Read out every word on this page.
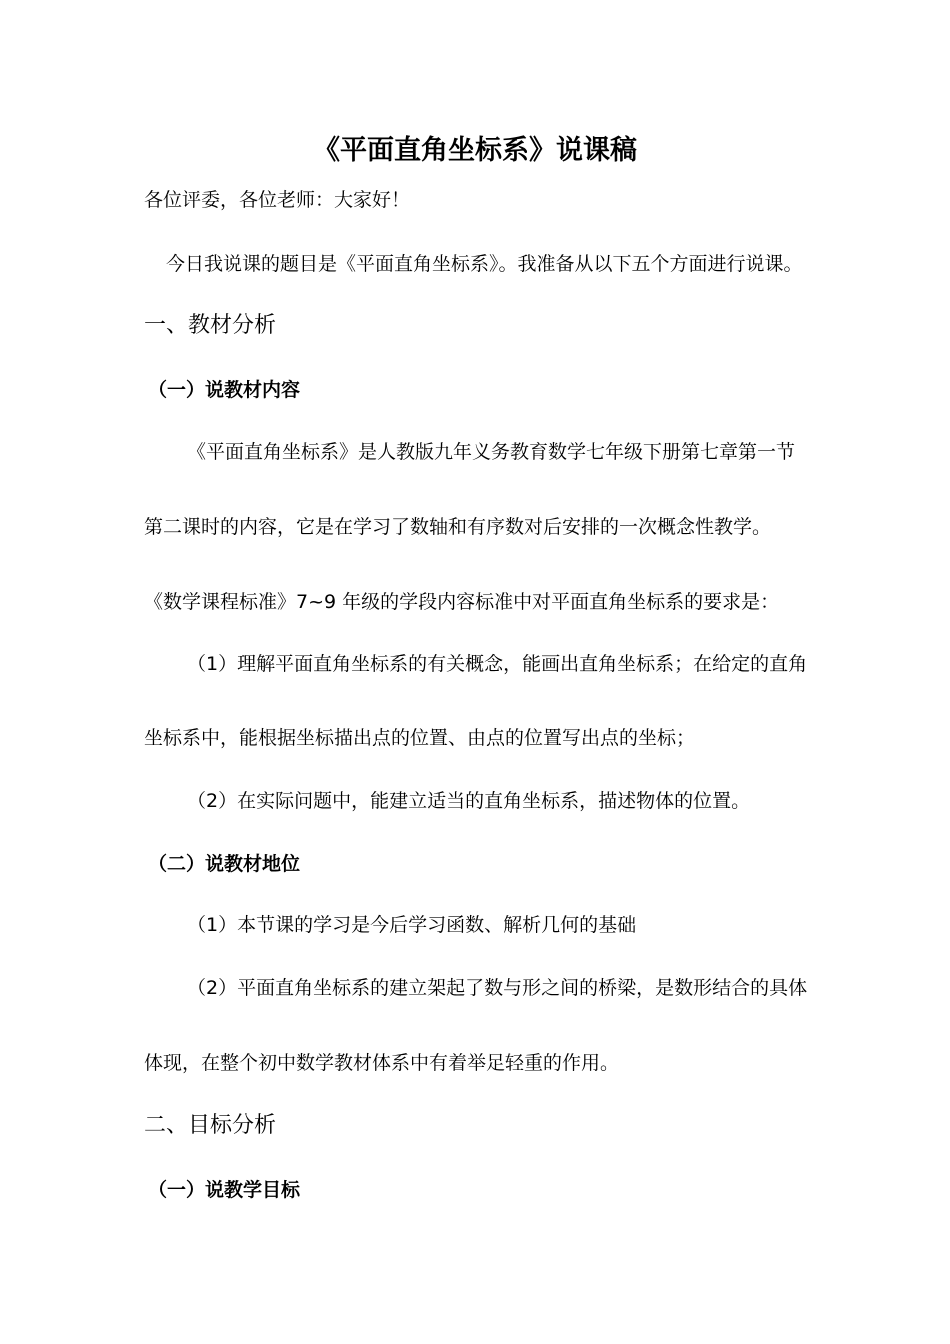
《平面直角坐标系》说课稿
各位评委，各位老师：大家好！
今日我说课的题目是《平面直角坐标系》。我准备从以下五个方面进行说课。
一、教材分析
（一）说教材内容
《平面直角坐标系》是人教版九年义务教育数学七年级下册第七章第一节
第二课时的内容，它是在学习了数轴和有序数对后安排的一次概念性教学。
《数学课程标准》7~9 年级的学段内容标准中对平面直角坐标系的要求是：
（1）理解平面直角坐标系的有关概念，能画出直角坐标系；在给定的直角
坐标系中，能根据坐标描出点的位置、由点的位置写出点的坐标；
（2）在实际问题中，能建立适当的直角坐标系，描述物体的位置。
（二）说教材地位
（1）本节课的学习是今后学习函数、解析几何的基础
（2）平面直角坐标系的建立架起了数与形之间的桥梁，是数形结合的具体
体现，在整个初中数学教材体系中有着举足轻重的作用。
二、目标分析
（一）说教学目标
